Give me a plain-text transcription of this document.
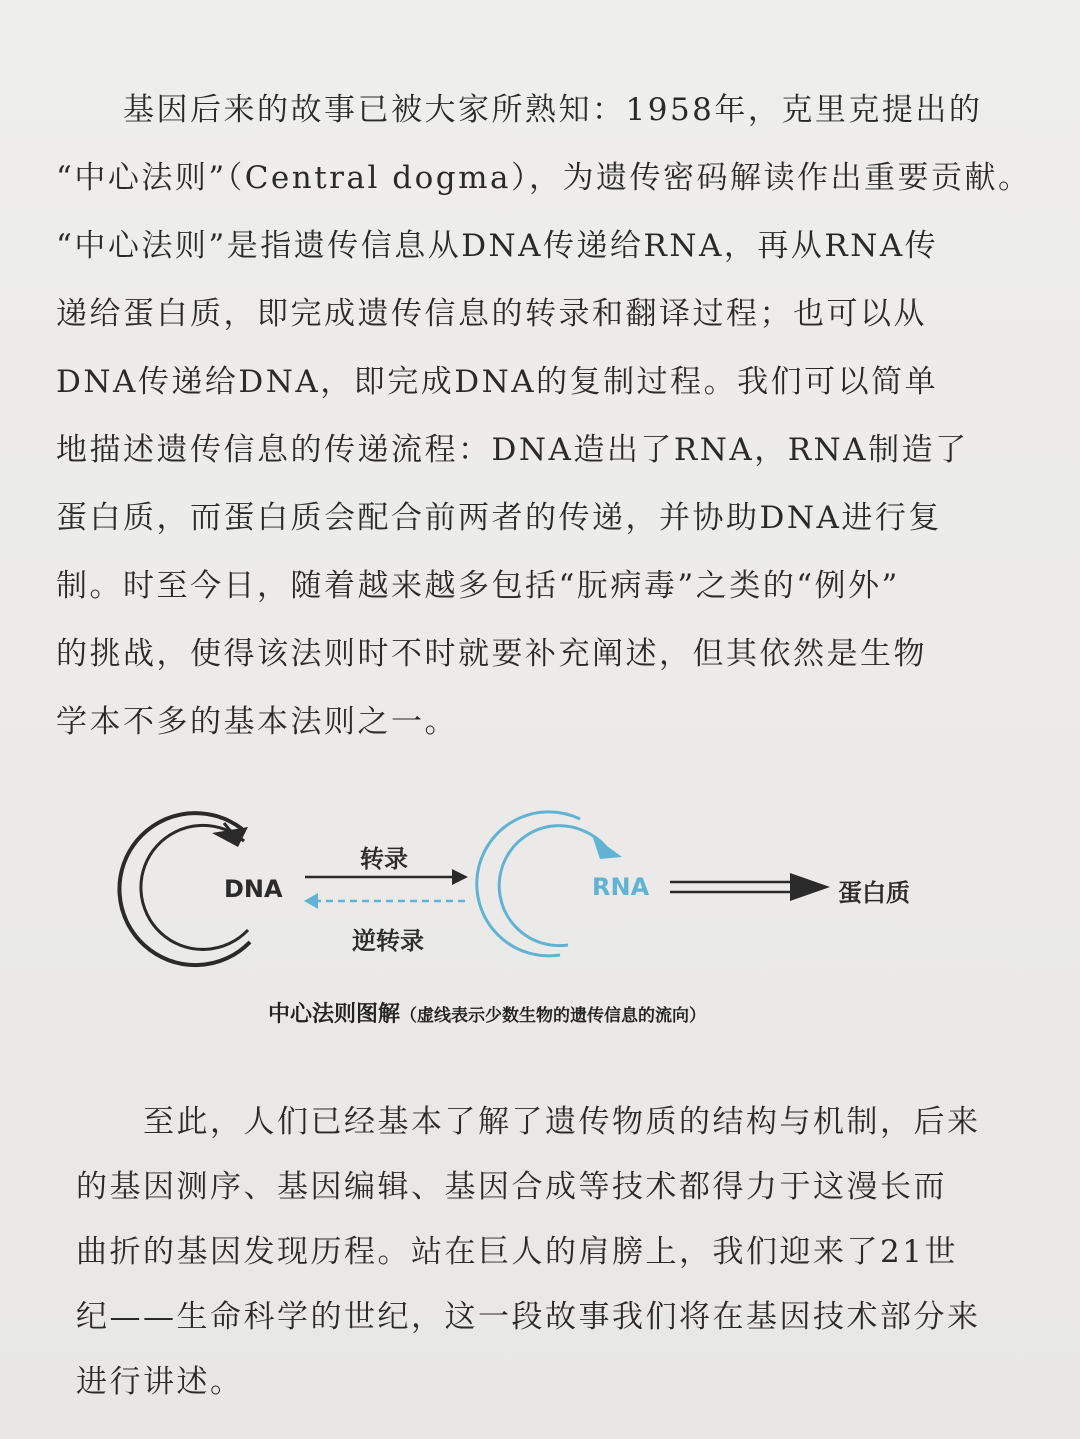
　　基因后来的故事已被大家所熟知：1958年，克里克提出的
“中心法则”（Central dogma），为遗传密码解读作出重要贡献。
“中心法则”是指遗传信息从DNA传递给RNA，再从RNA传
递给蛋白质，即完成遗传信息的转录和翻译过程；也可以从
DNA传递给DNA，即完成DNA的复制过程。我们可以简单
地描述遗传信息的传递流程：DNA造出了RNA，RNA制造了
蛋白质，而蛋白质会配合前两者的传递，并协助DNA进行复
制。时至今日，随着越来越多包括“朊病毒”之类的“例外”
的挑战，使得该法则时不时就要补充阐述，但其依然是生物
学本不多的基本法则之一。
DNA	RNA	蛋白质
转录
逆转录
中心法则图解（虚线表示少数生物的遗传信息的流向）
　　至此，人们已经基本了解了遗传物质的结构与机制，后来
的基因测序、基因编辑、基因合成等技术都得力于这漫长而
曲折的基因发现历程。站在巨人的肩膀上，我们迎来了21世
纪——生命科学的世纪，这一段故事我们将在基因技术部分来
进行讲述。
